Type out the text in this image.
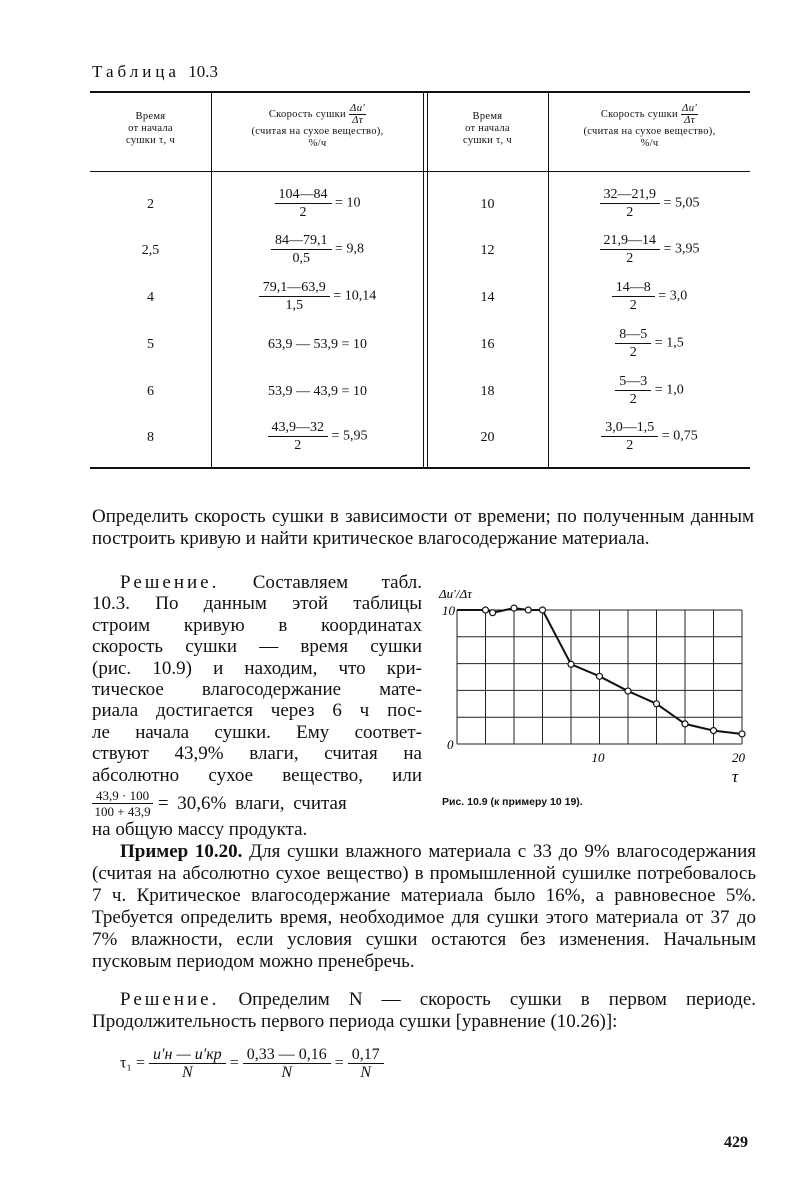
Таблица 10.3
Время
от начала
сушки τ, ч
Скорость сушки $\frac{\Delta u'}{\Delta\tau}$
(считая на сухое вещество),
%/ч
Время
от начала
сушки τ, ч
Скорость сушки $\frac{\Delta u'}{\Delta\tau}$
(считая на сухое вещество),
%/ч
2	$\frac{104—84}{2} = 10$
2,5	$\frac{84—79,1}{0,5} = 9,8$
4	$\frac{79,1—63,9}{1,5} = 10,14$
5	63,9 — 53,9 = 10
6	53,9 — 43,9 = 10
8	$\frac{43,9—32}{2} = 5,95$
10	$\frac{32—21,9}{2} = 5,05$
12	$\frac{21,9—14}{2} = 3,95$
14	$\frac{14—8}{2} = 3,0$
16	$\frac{8—5}{2} = 1,5$
18	$\frac{5—3}{2} = 1,0$
20	$\frac{3,0—1,5}{2} = 0,75$
Определить скорость сушки в зависимости от времени; по полученным данным построить кривую и найти критическое влагосодержание материала.
Решение. Составляем табл.
10.3. По данным этой таблицы
строим кривую в координатах
скорость сушки — время сушки
(рис. 10.9) и находим, что кри-
тическое влагосодержание мате-
риала достигается через 6 ч пос-
ле начала сушки. Ему соответ-
ствуют 43,9% влаги, считая на
абсолютно сухое вещество, или
$\frac{43,9 \cdot 100}{100 + 43,9} = 30,6\%$ влаги, считая
на общую массу продукта.
Δu′/Δτ
10
0
10	20
τ
Рис. 10.9 (к примеру 10 19).
Пример 10.20. Для сушки влажного материала с 33 до 9% влагосодержания (считая на абсолютно сухое вещество) в промышленной сушилке потребовалось 7 ч. Критическое влагосодержание материала было 16%, а равновесное 5%. Требуется определить время, необходимое для сушки этого материала от 37 до 7% влажности, если условия сушки остаются без изменения. Начальным пусковым периодом можно пренебречь.
Решение. Определим N — скорость сушки в первом периоде. Продолжительность первого периода сушки [уравнение (10.26)]:
$\tau_1 = \frac{u'н — u'кр}{N} = \frac{0,33 — 0,16}{N} = \frac{0,17}{N}$
429
